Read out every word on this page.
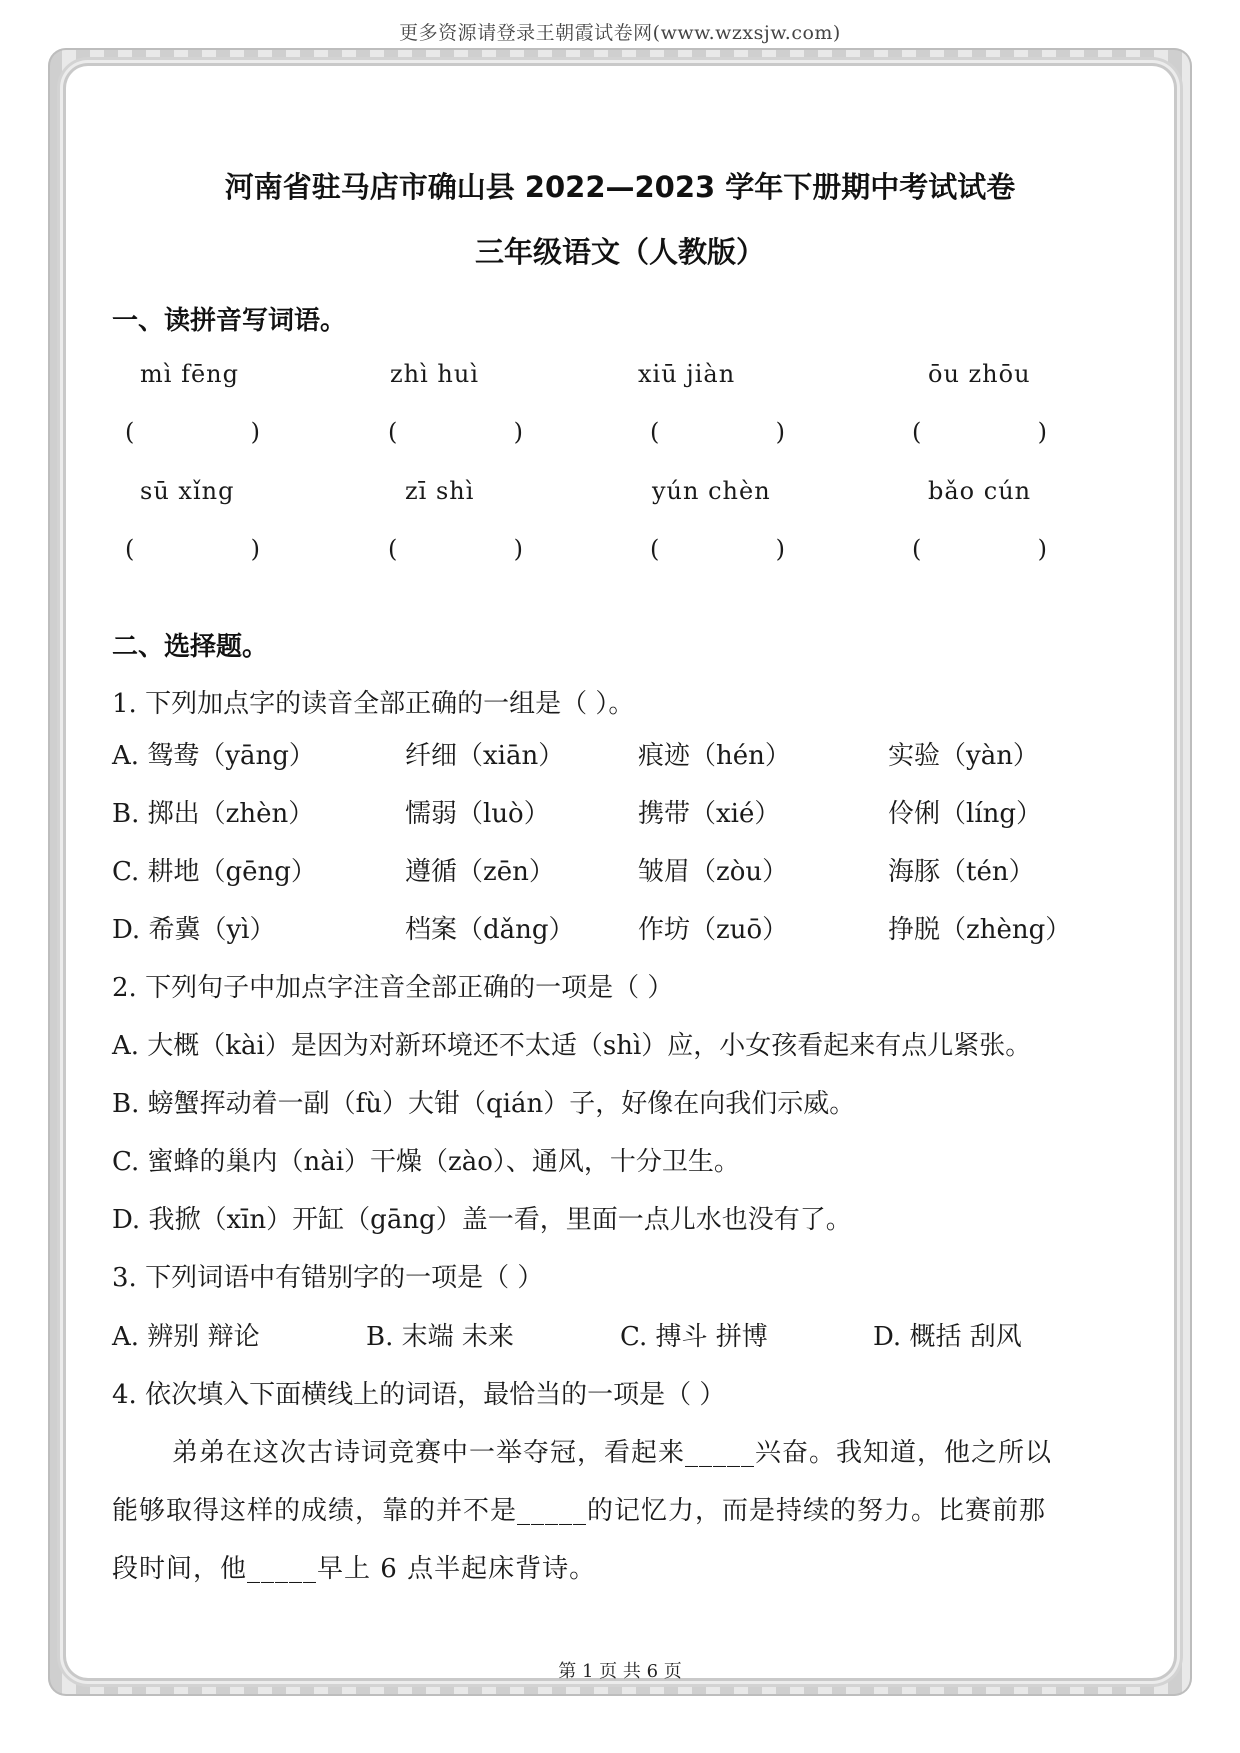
更多资源请登录王朝霞试卷网(www.wzxsjw.com)
河南省驻马店市确山县 2022—2023 学年下册期中考试试卷
三年级语文（人教版）
一、读拼音写词语。
mì fēng	zhì huì	xiū jiàn	ōu zhōu
(	)	(	)	(	)	(	)
sū xǐng	zī shì	yún chèn	bǎo cún
(	)	(	)	(	)	(	)
二、选择题。
1. 下列加点字的读音全部正确的一组是（ ）。
A. 鸳鸯（yāng）	纤细（xiān）	痕迹（hén）	实验（yàn）
B. 掷出（zhèn）	懦弱（luò）	携带（xié）	伶俐（líng）
C. 耕地（gēng）	遵循（zēn）	皱眉（zòu）	海豚（tén）
D. 希冀（yì）	档案（dǎng） 作坊（zuō）	挣脱（zhèng）
2. 下列句子中加点字注音全部正确的一项是（ ）
A. 大概（kài）是因为对新环境还不太适（shì）应，小女孩看起来有点儿紧张。
B. 螃蟹挥动着一副（fù）大钳（qián）子，好像在向我们示威。
C. 蜜蜂的巢内（nài）干燥（zào）、通风，十分卫生。
D. 我掀（xīn）开缸（gāng）盖一看，里面一点儿水也没有了。
3. 下列词语中有错别字的一项是（ ）
A. 辨别 辩论	B. 末端 未来	C. 搏斗 拼博	D. 概括 刮风
4. 依次填入下面横线上的词语，最恰当的一项是（ ）
弟弟在这次古诗词竞赛中一举夺冠，看起来_____兴奋。我知道，他之所以
能够取得这样的成绩，靠的并不是_____的记忆力，而是持续的努力。比赛前那
段时间，他_____早上 6 点半起床背诗。
第 1 页 共 6 页
